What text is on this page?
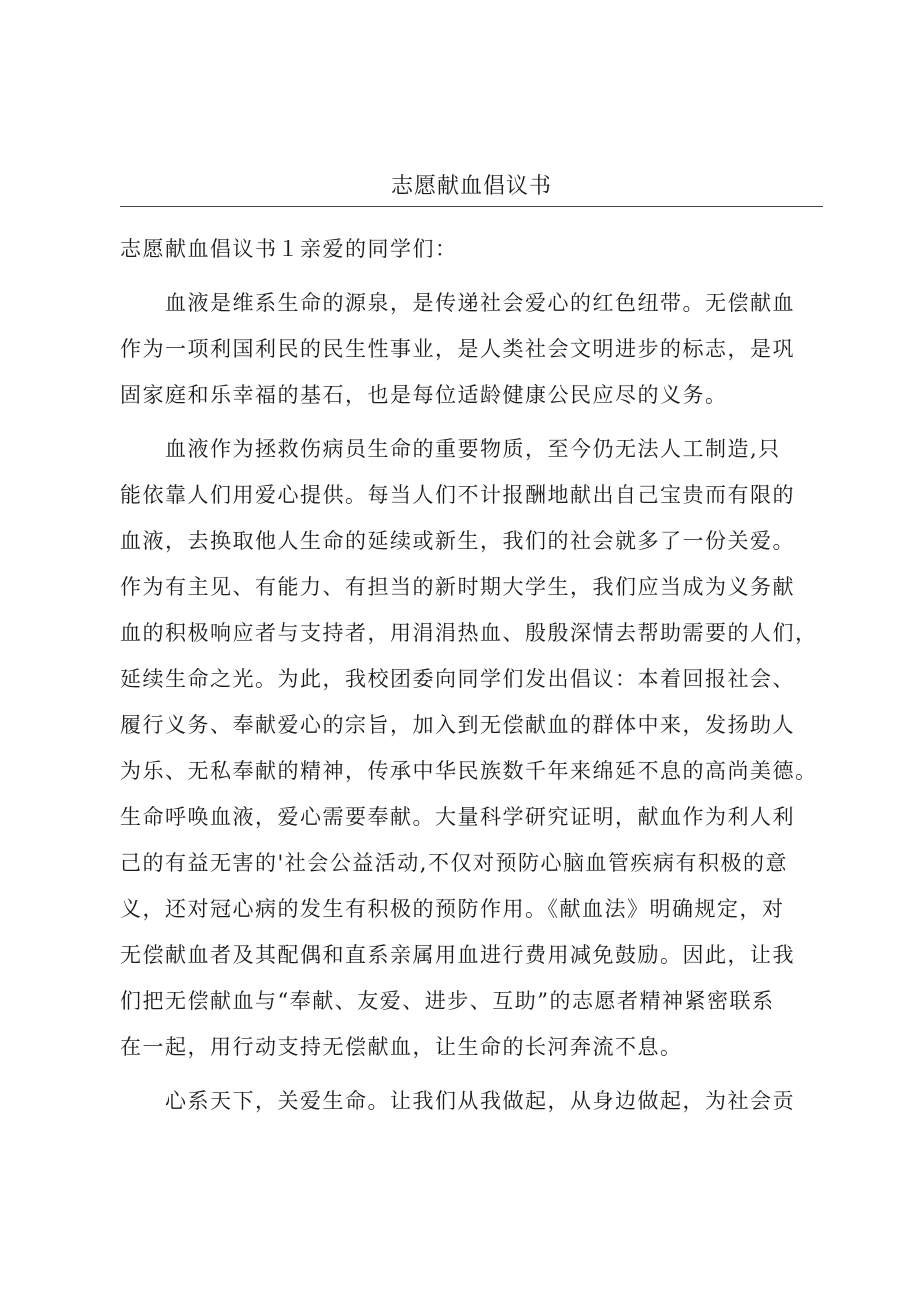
志愿献血倡议书
志愿献血倡议书１亲爱的同学们：
　　血液是维系生命的源泉，是传递社会爱心的红色纽带。无偿献血
作为一项利国利民的民生性事业，是人类社会文明进步的标志，是巩
固家庭和乐幸福的基石，也是每位适龄健康公民应尽的义务。
　　血液作为拯救伤病员生命的重要物质，至今仍无法人工制造,只
能依靠人们用爱心提供。每当人们不计报酬地献出自己宝贵而有限的
血液，去换取他人生命的延续或新生，我们的社会就多了一份关爱。
作为有主见、有能力、有担当的新时期大学生，我们应当成为义务献
血的积极响应者与支持者，用涓涓热血、殷殷深情去帮助需要的人们，
延续生命之光。为此，我校团委向同学们发出倡议：本着回报社会、
履行义务、奉献爱心的宗旨，加入到无偿献血的群体中来，发扬助人
为乐、无私奉献的精神，传承中华民族数千年来绵延不息的高尚美德。
生命呼唤血液，爱心需要奉献。大量科学研究证明，献血作为利人利
己的有益无害的'社会公益活动,不仅对预防心脑血管疾病有积极的意
义，还对冠心病的发生有积极的预防作用。《献血法》明确规定，对
无偿献血者及其配偶和直系亲属用血进行费用减免鼓励。因此，让我
们把无偿献血与“奉献、友爱、进步、互助”的志愿者精神紧密联系
在一起，用行动支持无偿献血，让生命的长河奔流不息。
　　心系天下，关爱生命。让我们从我做起，从身边做起，为社会贡
